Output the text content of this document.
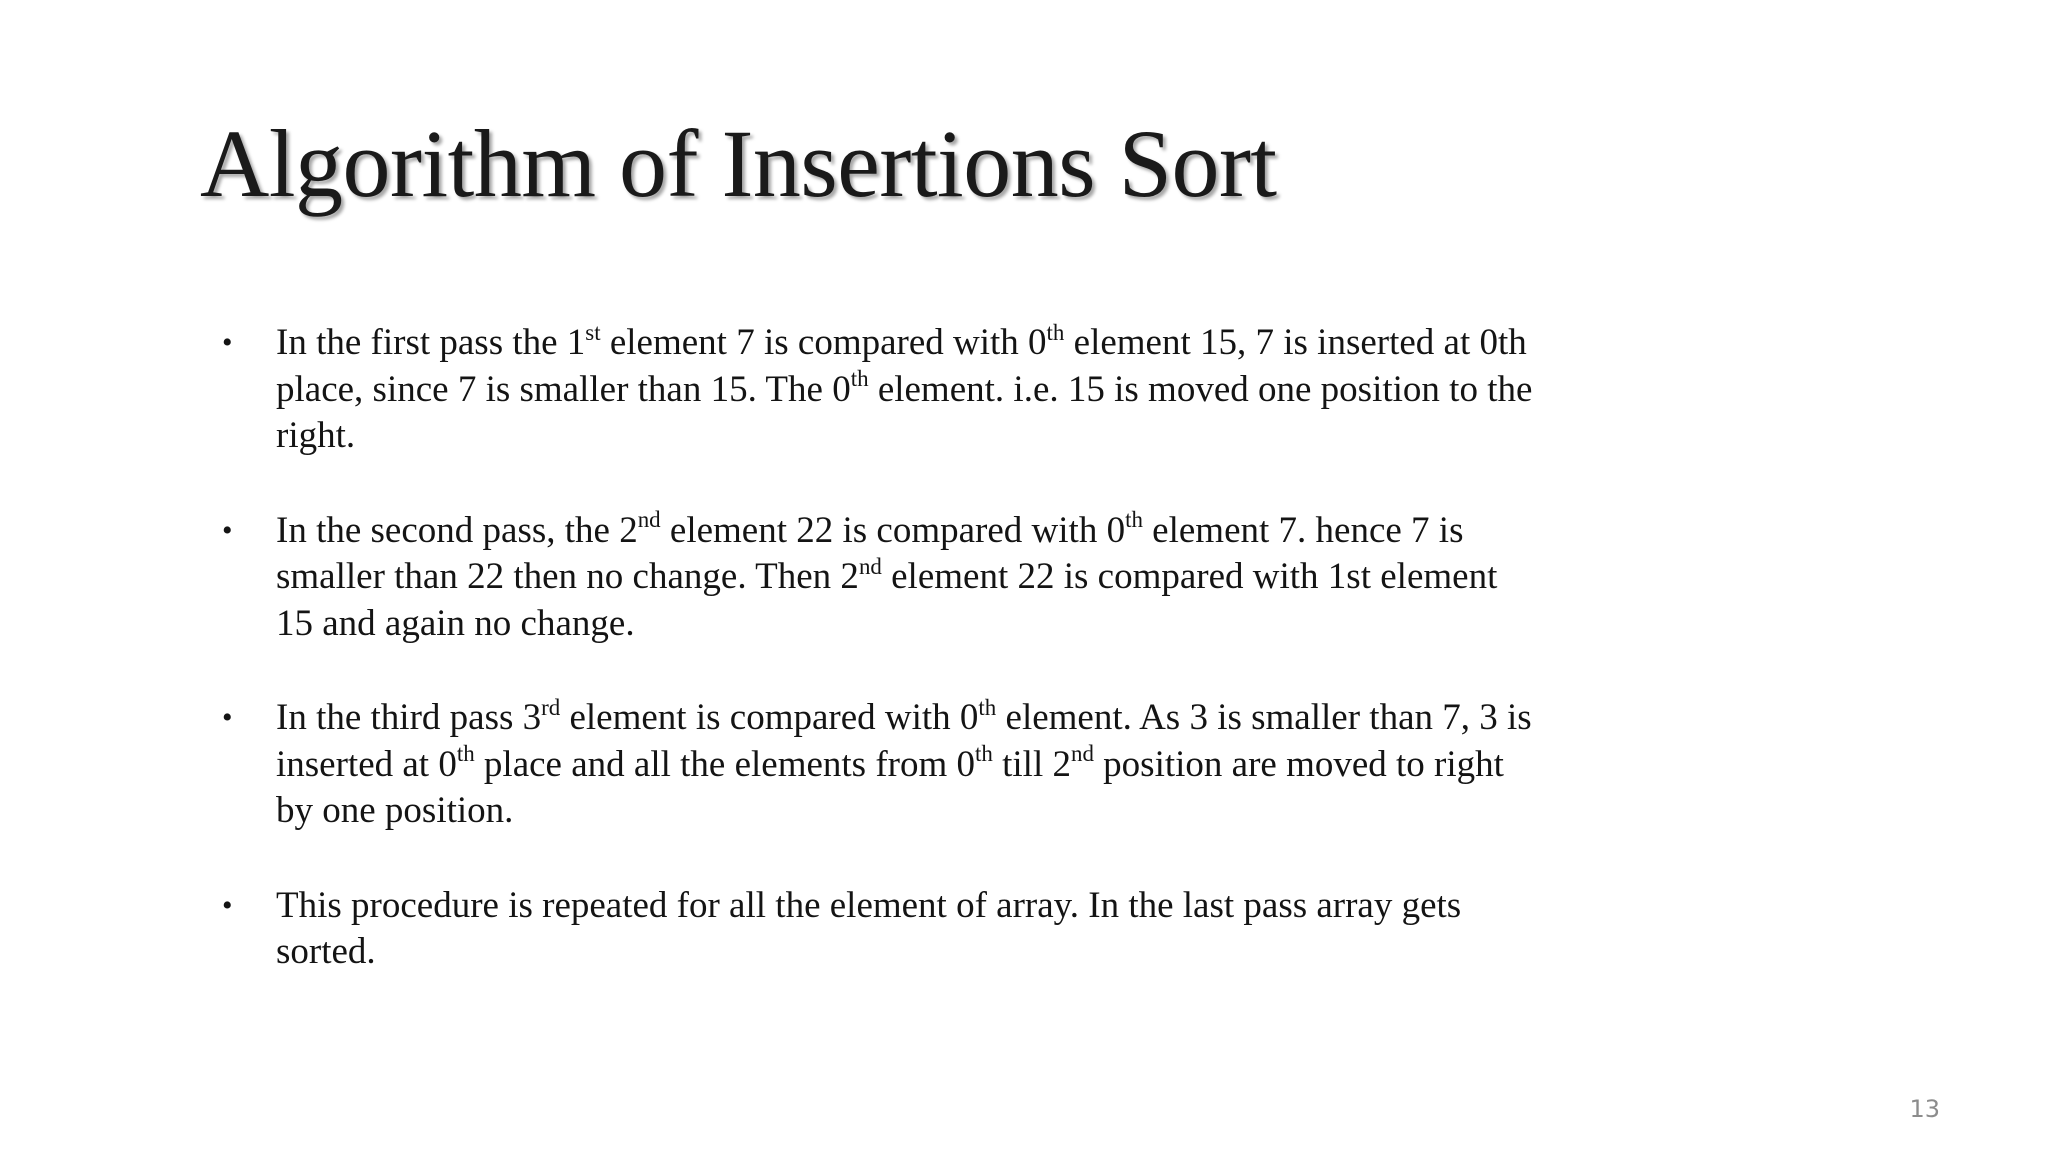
Algorithm of Insertions Sort
• In the first pass the 1st element 7 is compared with 0th element 15, 7 is inserted at 0th place, since 7 is smaller than 15. The 0th element. i.e. 15 is moved one position to the right.
• In the second pass, the 2nd element 22 is compared with 0th element 7. hence 7 is smaller than 22 then no change. Then 2nd element 22 is compared with 1st element 15 and again no change.
• In the third pass 3rd element is compared with 0th element. As 3 is smaller than 7, 3 is inserted at 0th place and all the elements from 0th till 2nd position are moved to right by one position.
• This procedure is repeated for all the element of array. In the last pass array gets sorted.
13
